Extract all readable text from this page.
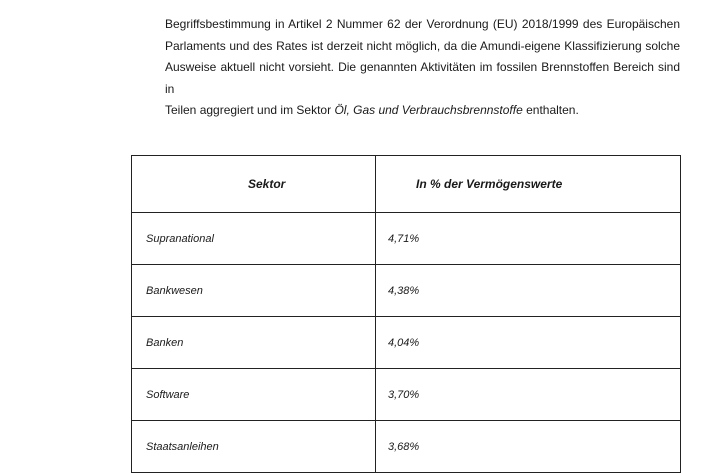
Begriffsbestimmung in Artikel 2 Nummer 62 der Verordnung (EU) 2018/1999 des Europäischen
Parlaments und des Rates ist derzeit nicht möglich, da die Amundi-eigene Klassifizierung solche
Ausweise aktuell nicht vorsieht. Die genannten Aktivitäten im fossilen Brennstoffen Bereich sind in
Teilen aggregiert und im Sektor Öl, Gas und Verbrauchsbrennstoffe enthalten.

Sektor	In % der Vermögenswerte
Supranational	4,71%
Bankwesen	4,38%
Banken	4,04%
Software	3,70%
Staatsanleihen	3,68%
